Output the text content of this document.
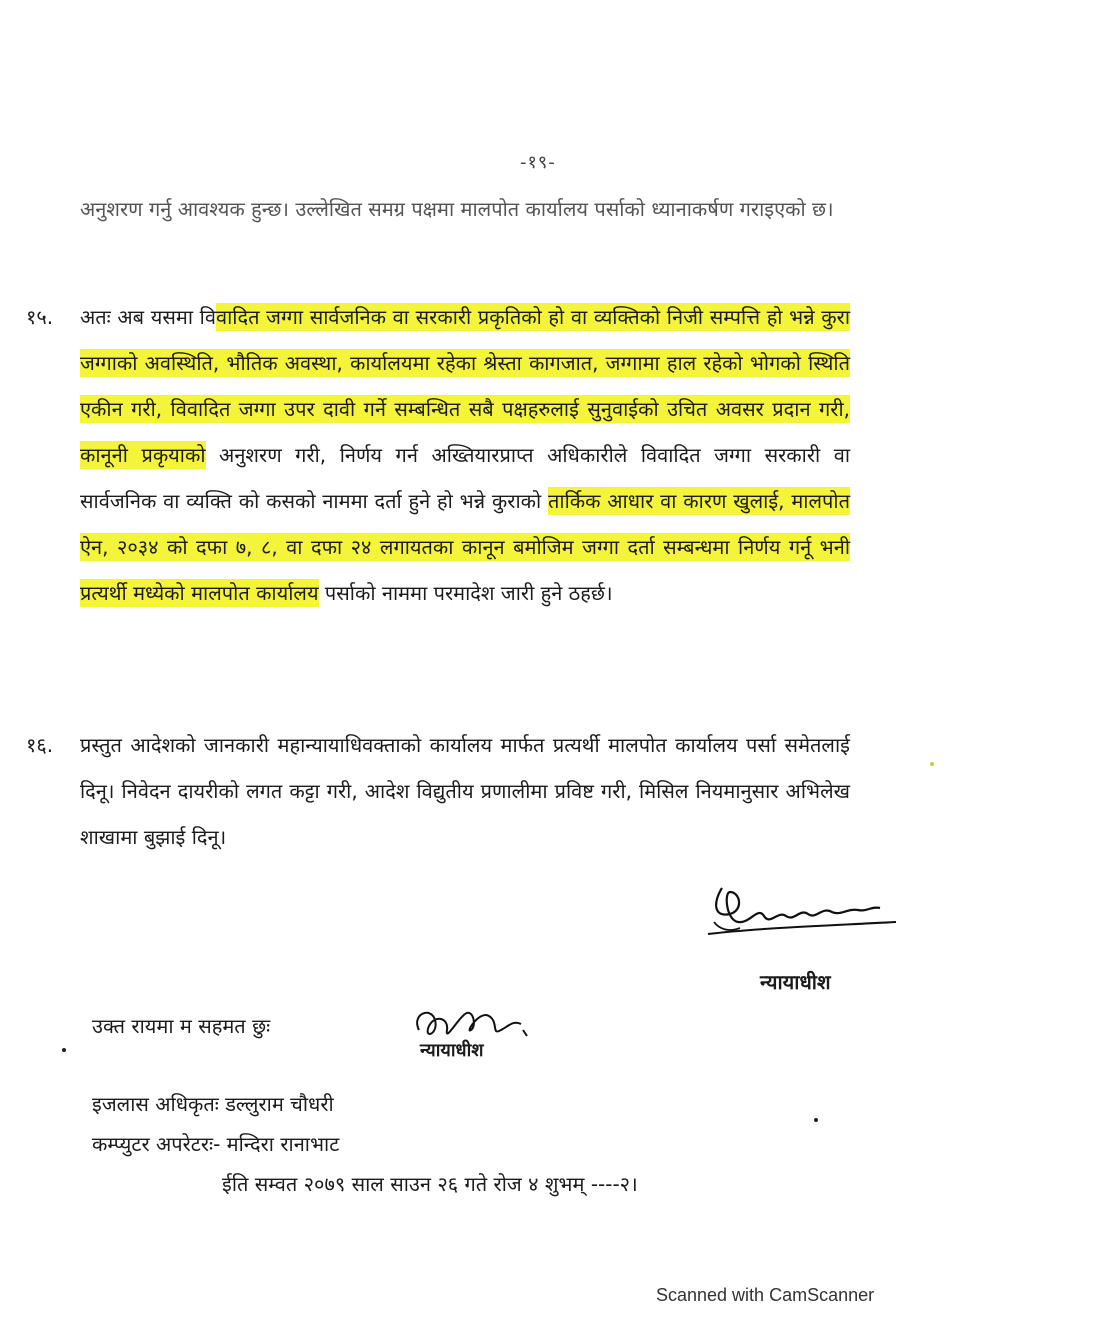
-१९-
अनुशरण गर्नु आवश्यक हुन्छ। उल्लेखित समग्र पक्षमा मालपोत कार्यालय पर्साको ध्यानाकर्षण गराइएको छ।
१५. अतः अब यसमा विवादित जग्गा सार्वजनिक वा सरकारी प्रकृतिको हो वा व्यक्तिको निजी सम्पत्ति हो भन्ने कुरा जग्गाको अवस्थिति, भौतिक अवस्था, कार्यालयमा रहेका श्रेस्ता कागजात, जग्गामा हाल रहेको भोगको स्थिति एकीन गरी, विवादित जग्गा उपर दावी गर्ने सम्बन्धित सबै पक्षहरुलाई सुनुवाईको उचित अवसर प्रदान गरी, कानूनी प्रकृयाको अनुशरण गरी, निर्णय गर्न अख्तियारप्राप्त अधिकारीले विवादित जग्गा सरकारी वा सार्वजनिक वा व्यक्ति को कसको नाममा दर्ता हुने हो भन्ने कुराको तार्किक आधार वा कारण खुलाई, मालपोत ऐन, २०३४ को दफा ७, ८, वा दफा २४ लगायतका कानून बमोजिम जग्गा दर्ता सम्बन्धमा निर्णय गर्नू भनी प्रत्यर्थी मध्येको मालपोत कार्यालय पर्साको नाममा परमादेश जारी हुने ठहर्छ।
१६. प्रस्तुत आदेशको जानकारी महान्यायाधिवक्ताको कार्यालय मार्फत प्रत्यर्थी मालपोत कार्यालय पर्सा समेतलाई दिनू। निवेदन दायरीको लगत कट्टा गरी, आदेश विद्युतीय प्रणालीमा प्रविष्ट गरी, मिसिल नियमानुसार अभिलेख शाखामा बुझाई दिनू।
न्यायाधीश
उक्त रायमा म सहमत छुः
न्यायाधीश
इजलास अधिकृतः डल्लुराम चौधरी
कम्प्युटर अपरेटरः- मन्दिरा रानाभाट
ईति सम्वत २०७९ साल साउन २६ गते रोज ४ शुभम् ----२।
Scanned with CamScanner
